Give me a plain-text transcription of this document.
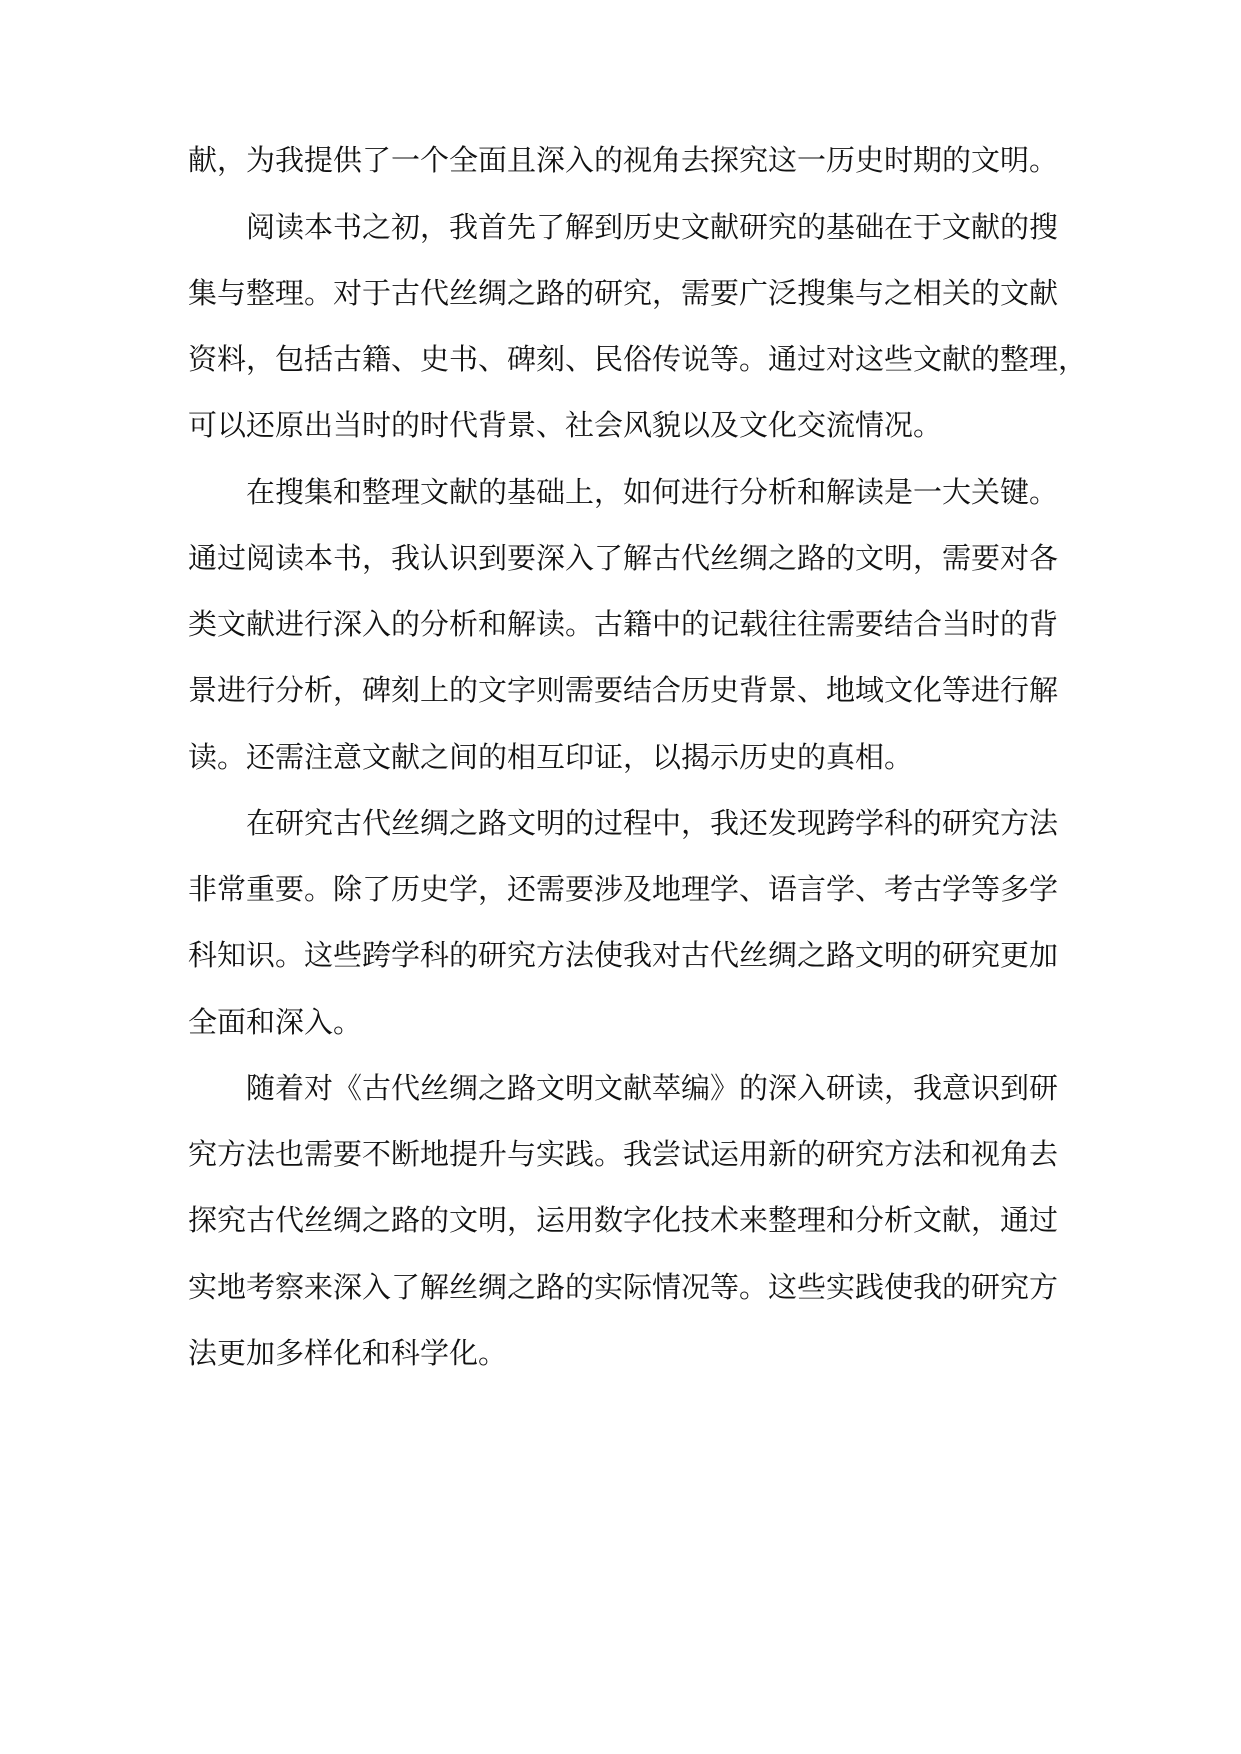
献，为我提供了一个全面且深入的视角去探究这一历史时期的文明。
阅读本书之初，我首先了解到历史文献研究的基础在于文献的搜
集与整理。对于古代丝绸之路的研究，需要广泛搜集与之相关的文献
资料，包括古籍、史书、碑刻、民俗传说等。通过对这些文献的整理，
可以还原出当时的时代背景、社会风貌以及文化交流情况。
在搜集和整理文献的基础上，如何进行分析和解读是一大关键。
通过阅读本书，我认识到要深入了解古代丝绸之路的文明，需要对各
类文献进行深入的分析和解读。古籍中的记载往往需要结合当时的背
景进行分析，碑刻上的文字则需要结合历史背景、地域文化等进行解
读。还需注意文献之间的相互印证，以揭示历史的真相。
在研究古代丝绸之路文明的过程中，我还发现跨学科的研究方法
非常重要。除了历史学，还需要涉及地理学、语言学、考古学等多学
科知识。这些跨学科的研究方法使我对古代丝绸之路文明的研究更加
全面和深入。
随着对《古代丝绸之路文明文献萃编》的深入研读，我意识到研
究方法也需要不断地提升与实践。我尝试运用新的研究方法和视角去
探究古代丝绸之路的文明，运用数字化技术来整理和分析文献，通过
实地考察来深入了解丝绸之路的实际情况等。这些实践使我的研究方
法更加多样化和科学化。
